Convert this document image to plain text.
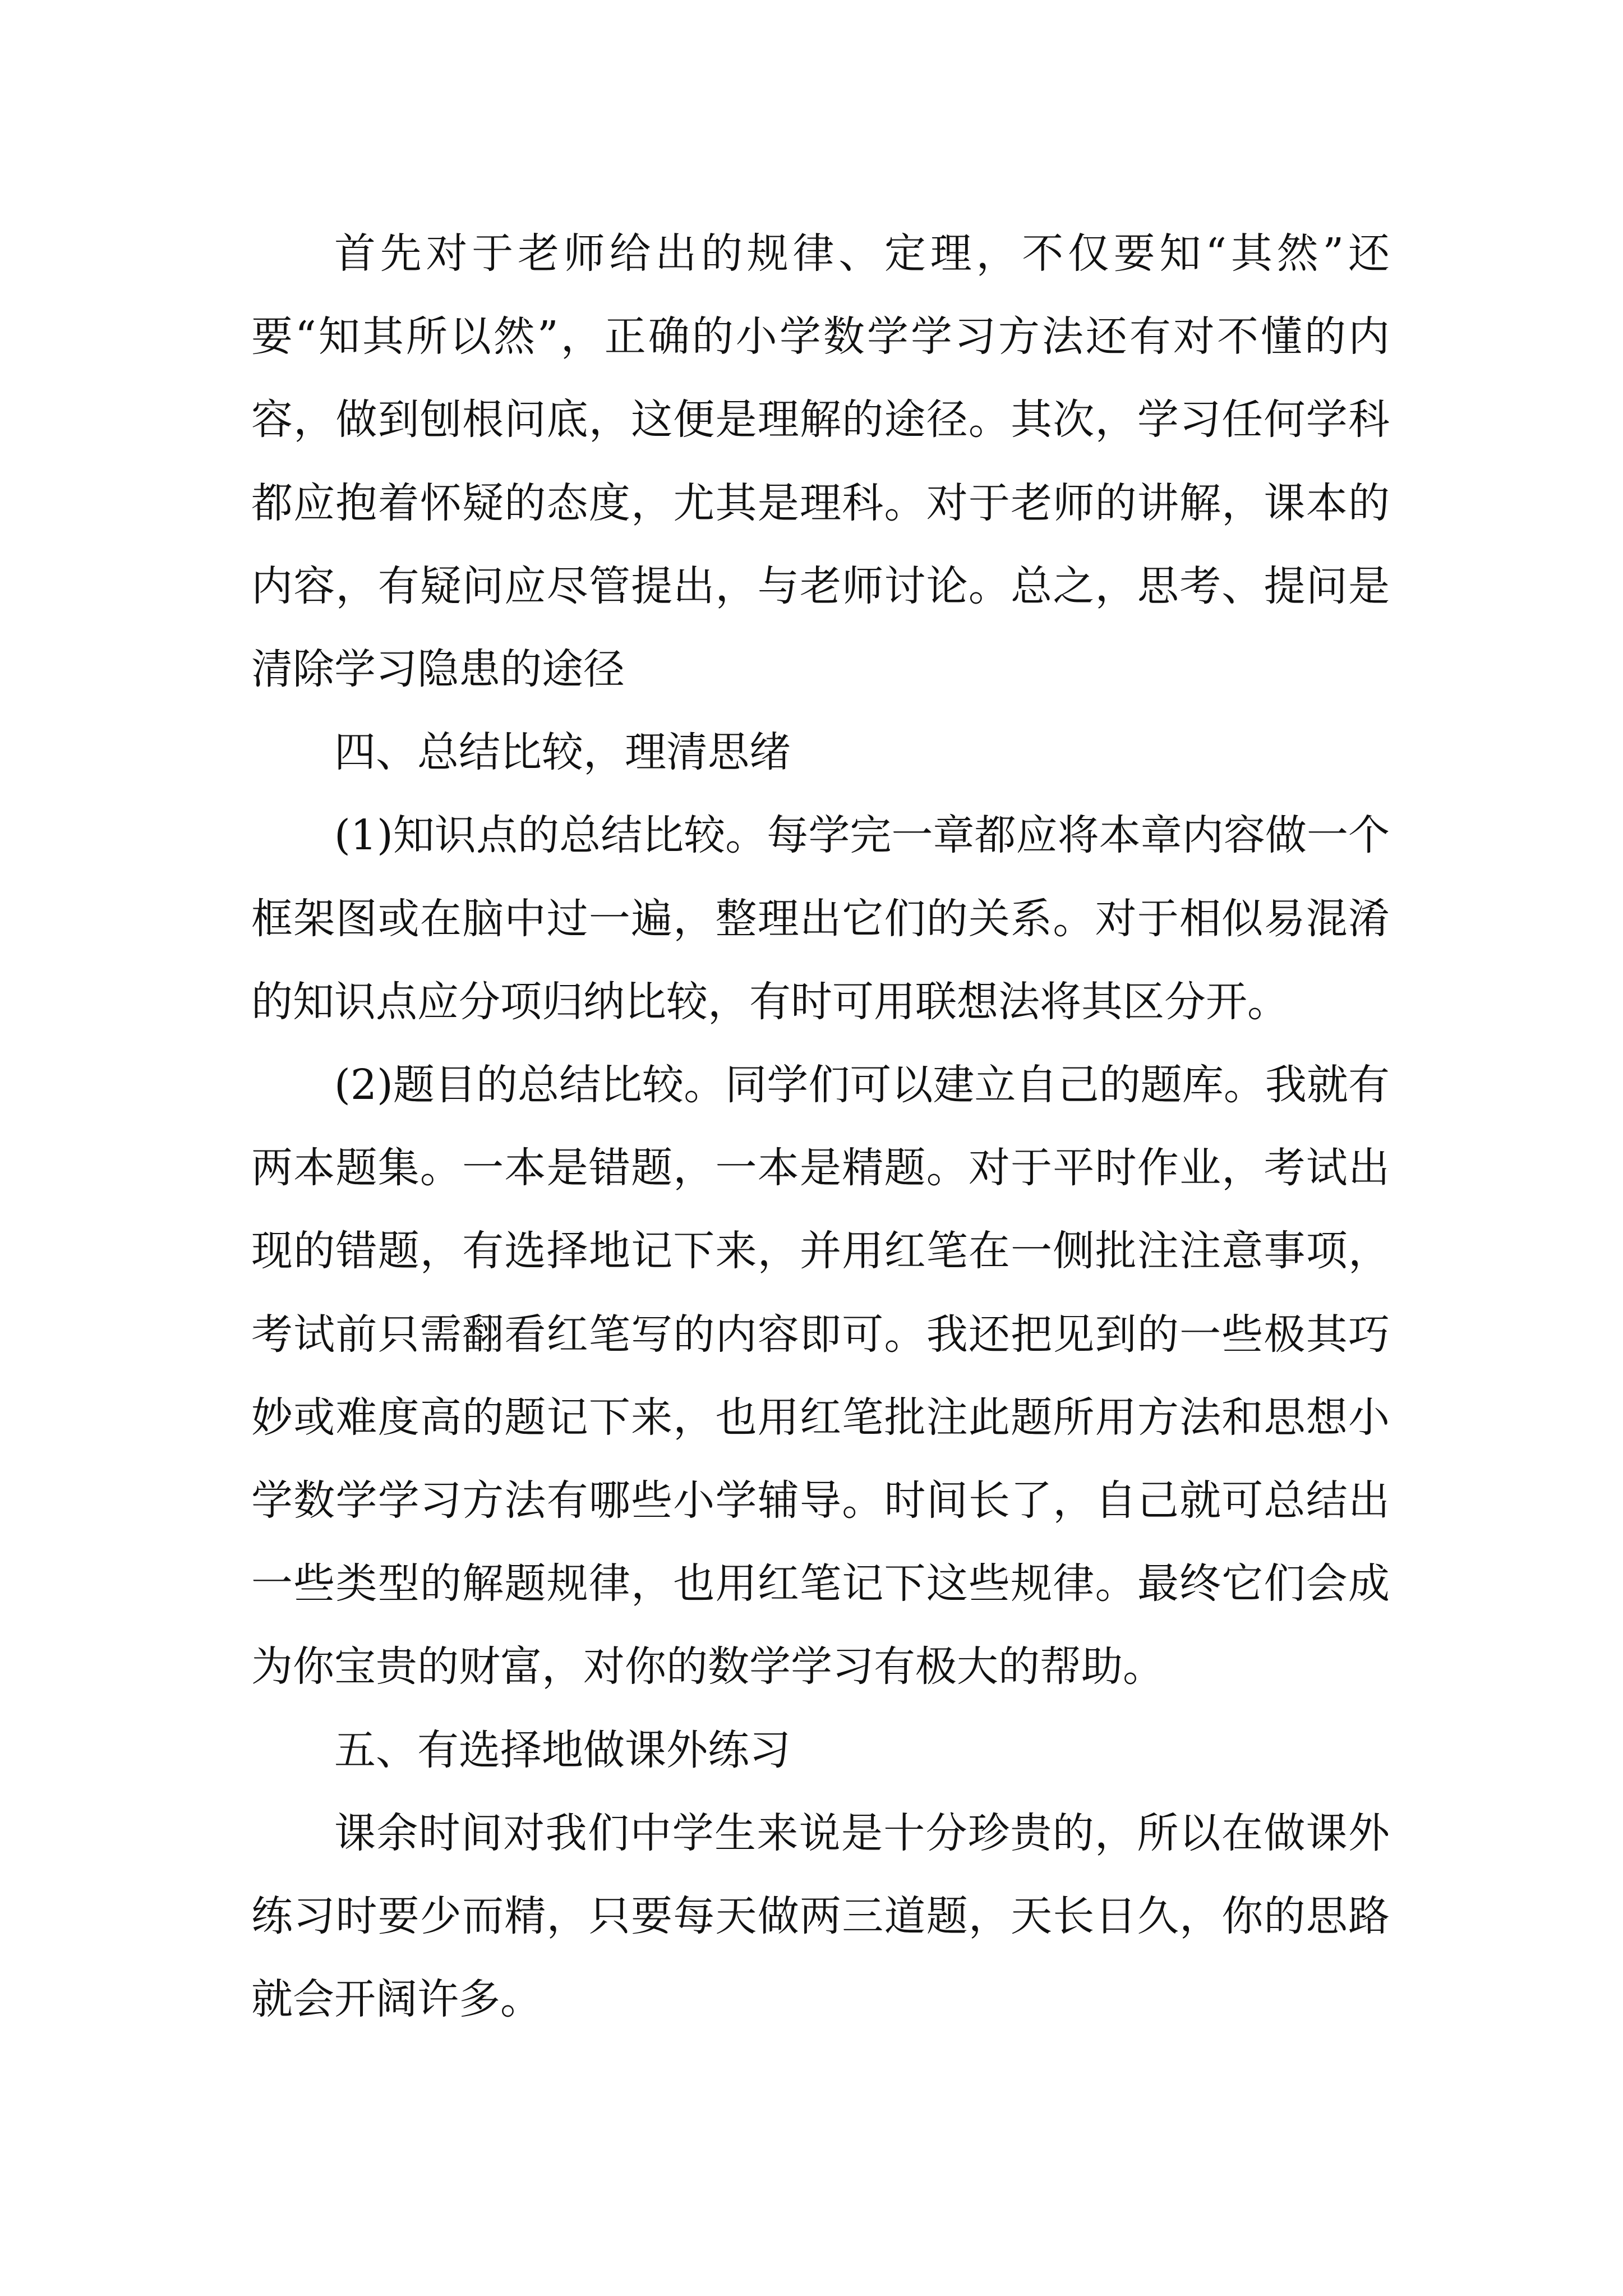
首先对于老师给出的规律、定理，不仅要知“其然”还要“知其所以然”，正确的小学数学学习方法还有对不懂的内容，做到刨根问底，这便是理解的途径。其次，学习任何学科都应抱着怀疑的态度，尤其是理科。对于老师的讲解，课本的内容，有疑问应尽管提出，与老师讨论。总之，思考、提问是清除学习隐患的途径

四、总结比较，理清思绪

(1)知识点的总结比较。每学完一章都应将本章内容做一个框架图或在脑中过一遍，整理出它们的关系。对于相似易混淆的知识点应分项归纳比较，有时可用联想法将其区分开。

(2)题目的总结比较。同学们可以建立自己的题库。我就有两本题集。一本是错题，一本是精题。对于平时作业，考试出现的错题，有选择地记下来，并用红笔在一侧批注注意事项，考试前只需翻看红笔写的内容即可。我还把见到的一些极其巧妙或难度高的题记下来，也用红笔批注此题所用方法和思想小学数学学习方法有哪些小学辅导。时间长了，自己就可总结出一些类型的解题规律，也用红笔记下这些规律。最终它们会成为你宝贵的财富，对你的数学学习有极大的帮助。

五、有选择地做课外练习

课余时间对我们中学生来说是十分珍贵的，所以在做课外练习时要少而精，只要每天做两三道题，天长日久，你的思路就会开阔许多。
